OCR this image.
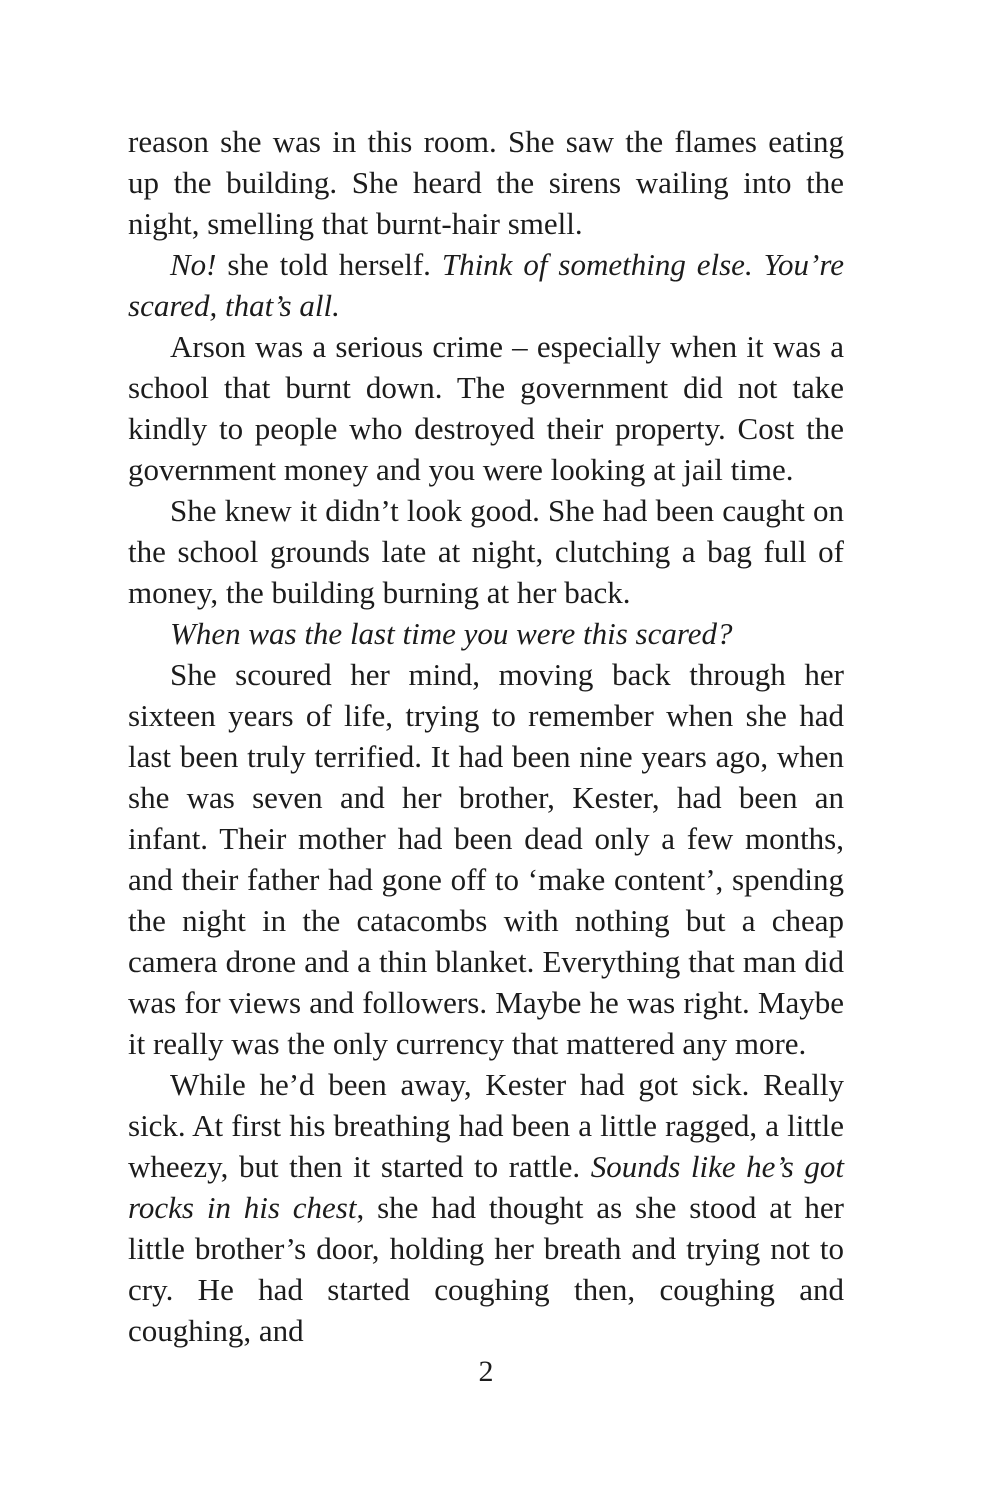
reason she was in this room. She saw the flames eating up the building. She heard the sirens wailing into the night, smelling that burnt-hair smell.

No! she told herself. Think of something else. You’re scared, that’s all.

Arson was a serious crime – especially when it was a school that burnt down. The government did not take kindly to people who destroyed their property. Cost the government money and you were looking at jail time.

She knew it didn’t look good. She had been caught on the school grounds late at night, clutching a bag full of money, the building burning at her back.

When was the last time you were this scared?

She scoured her mind, moving back through her sixteen years of life, trying to remember when she had last been truly terrified. It had been nine years ago, when she was seven and her brother, Kester, had been an infant. Their mother had been dead only a few months, and their father had gone off to ‘make content’, spending the night in the catacombs with nothing but a cheap camera drone and a thin blanket. Everything that man did was for views and followers. Maybe he was right. Maybe it really was the only currency that mattered any more.

While he’d been away, Kester had got sick. Really sick. At first his breathing had been a little ragged, a little wheezy, but then it started to rattle. Sounds like he’s got rocks in his chest, she had thought as she stood at her little brother’s door, holding her breath and trying not to cry. He had started coughing then, coughing and coughing, and

2
